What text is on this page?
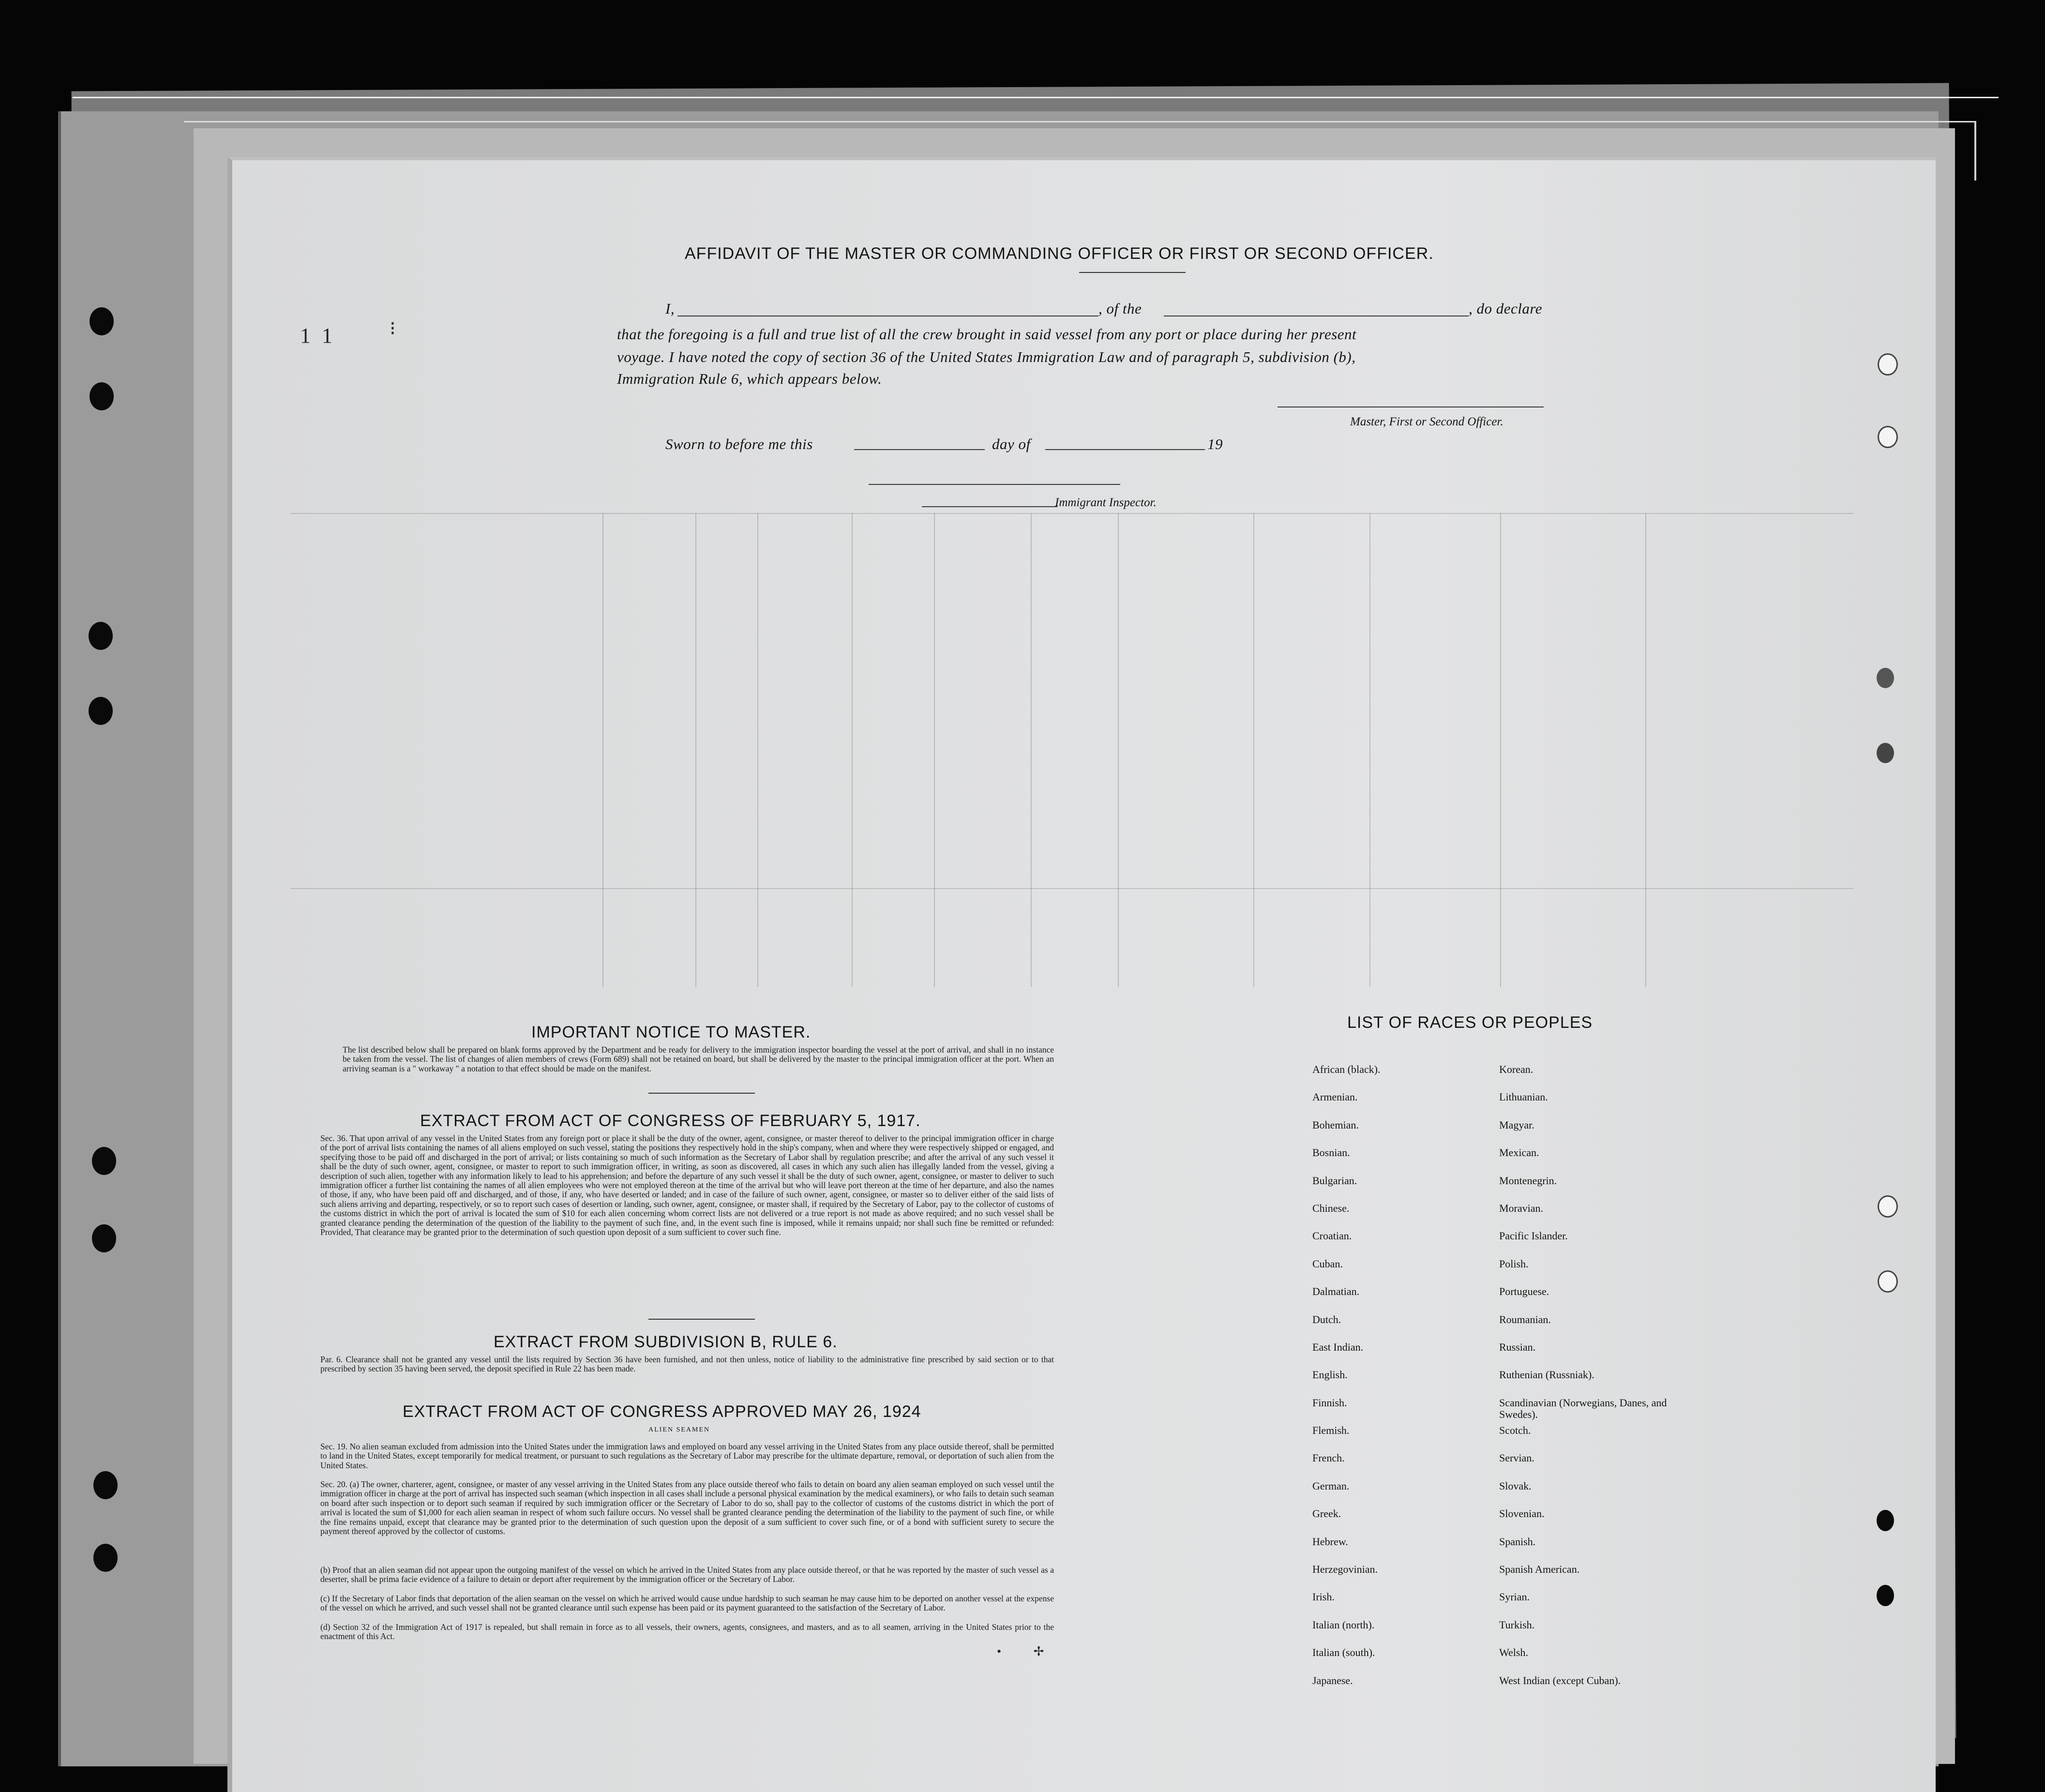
AFFIDAVIT OF THE MASTER OR COMMANDING OFFICER OR FIRST OR SECOND OFFICER.
1 1	⁝
I,	, of the	, do declare
that the foregoing is a full and true list of all the crew brought in said vessel from any port or place during her present
voyage. I have noted the copy of section 36 of the United States Immigration Law and of paragraph 5, subdivision (b),
Immigration Rule 6, which appears below.
Master, First or Second Officer.
Sworn to before me this	day of	19
Immigrant Inspector.
IMPORTANT NOTICE TO MASTER.
The list described below shall be prepared on blank forms approved by the Department and be ready for delivery to the immigration inspector boarding the vessel at the port of arrival, and shall in no instance be taken from the vessel. The list of changes of alien members of crews (Form 689) shall not be retained on board, but shall be delivered by the master to the principal immigration officer at the port. When an arriving seaman is a " workaway " a notation to that effect should be made on the manifest.
EXTRACT FROM ACT OF CONGRESS OF FEBRUARY 5, 1917.
Sec. 36. That upon arrival of any vessel in the United States from any foreign port or place it shall be the duty of the owner, agent, consignee, or master thereof to deliver to the principal immigration officer in charge of the port of arrival lists containing the names of all aliens employed on such vessel, stating the positions they respectively hold in the ship's company, when and where they were respectively shipped or engaged, and specifying those to be paid off and discharged in the port of arrival; or lists containing so much of such information as the Secretary of Labor shall by regulation prescribe; and after the arrival of any such vessel it shall be the duty of such owner, agent, consignee, or master to report to such immigration officer, in writing, as soon as discovered, all cases in which any such alien has illegally landed from the vessel, giving a description of such alien, together with any information likely to lead to his apprehension; and before the departure of any such vessel it shall be the duty of such owner, agent, consignee, or master to deliver to such immigration officer a further list containing the names of all alien employees who were not employed thereon at the time of the arrival but who will leave port thereon at the time of her departure, and also the names of those, if any, who have been paid off and discharged, and of those, if any, who have deserted or landed; and in case of the failure of such owner, agent, consignee, or master so to deliver either of the said lists of such aliens arriving and departing, respectively, or so to report such cases of desertion or landing, such owner, agent, consignee, or master shall, if required by the Secretary of Labor, pay to the collector of customs of the customs district in which the port of arrival is located the sum of $10 for each alien concerning whom correct lists are not delivered or a true report is not made as above required; and no such vessel shall be granted clearance pending the determination of the question of the liability to the payment of such fine, and, in the event such fine is imposed, while it remains unpaid; nor shall such fine be remitted or refunded: Provided, That clearance may be granted prior to the determination of such question upon deposit of a sum sufficient to cover such fine.
EXTRACT FROM SUBDIVISION B, RULE 6.
Par. 6. Clearance shall not be granted any vessel until the lists required by Section 36 have been furnished, and not then unless, notice of liability to the administrative fine prescribed by said section or to that prescribed by section 35 having been served, the deposit specified in Rule 22 has been made.
EXTRACT FROM ACT OF CONGRESS APPROVED MAY 26, 1924
ALIEN SEAMEN
Sec. 19. No alien seaman excluded from admission into the United States under the immigration laws and employed on board any vessel arriving in the United States from any place outside thereof, shall be permitted to land in the United States, except temporarily for medical treatment, or pursuant to such regulations as the Secretary of Labor may prescribe for the ultimate departure, removal, or deportation of such alien from the United States.
Sec. 20. (a) The owner, charterer, agent, consignee, or master of any vessel arriving in the United States from any place outside thereof who fails to detain on board any alien seaman employed on such vessel until the immigration officer in charge at the port of arrival has inspected such seaman (which inspection in all cases shall include a personal physical examination by the medical examiners), or who fails to detain such seaman on board after such inspection or to deport such seaman if required by such immigration officer or the Secretary of Labor to do so, shall pay to the collector of customs of the customs district in which the port of arrival is located the sum of $1,000 for each alien seaman in respect of whom such failure occurs. No vessel shall be granted clearance pending the determination of the liability to the payment of such fine, or while the fine remains unpaid, except that clearance may be granted prior to the determination of such question upon the deposit of a sum sufficient to cover such fine, or of a bond with sufficient surety to secure the payment thereof approved by the collector of customs.
(b) Proof that an alien seaman did not appear upon the outgoing manifest of the vessel on which he arrived in the United States from any place outside thereof, or that he was reported by the master of such vessel as a deserter, shall be prima facie evidence of a failure to detain or deport after requirement by the immigration officer or the Secretary of Labor.
(c) If the Secretary of Labor finds that deportation of the alien seaman on the vessel on which he arrived would cause undue hardship to such seaman he may cause him to be deported on another vessel at the expense of the vessel on which he arrived, and such vessel shall not be granted clearance until such expense has been paid or its payment guaranteed to the satisfaction of the Secretary of Labor.
(d) Section 32 of the Immigration Act of 1917 is repealed, but shall remain in force as to all vessels, their owners, agents, consignees, and masters, and as to all seamen, arriving in the United States prior to the enactment of this Act.
• ✢
LIST OF RACES OR PEOPLES
African (black).
Armenian.
Bohemian.
Bosnian.
Bulgarian.
Chinese.
Croatian.
Cuban.
Dalmatian.
Dutch.
East Indian.
English.
Finnish.
Flemish.
French.
German.
Greek.
Hebrew.
Herzegovinian.
Irish.
Italian (north).
Italian (south).
Japanese.
Korean.
Lithuanian.
Magyar.
Mexican.
Montenegrin.
Moravian.
Pacific Islander.
Polish.
Portuguese.
Roumanian.
Russian.
Ruthenian (Russniak).
Scandinavian (Norwegians, Danes, and Swedes).
Scotch.
Servian.
Slovak.
Slovenian.
Spanish.
Spanish American.
Syrian.
Turkish.
Welsh.
West Indian (except Cuban).
